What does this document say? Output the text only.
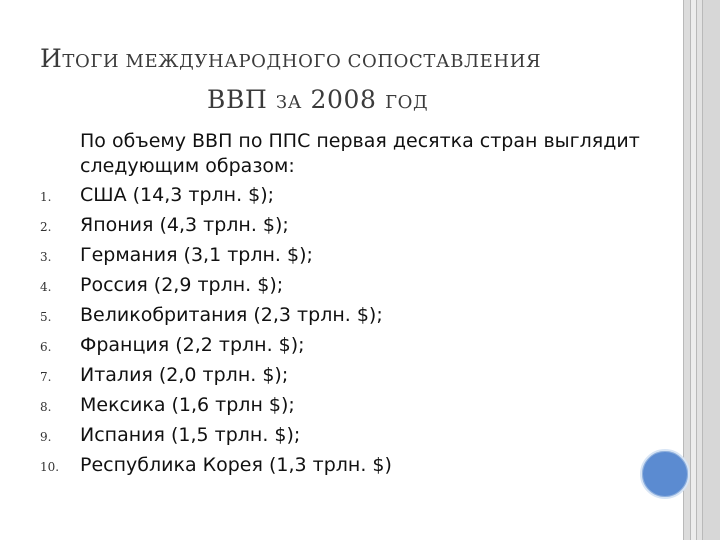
ИТОГИ МЕЖДУНАРОДНОГО СОПОСТАВЛЕНИЯ
ВВП ЗА 2008 ГОД

По объему ВВП по ППС первая десятка стран выглядит следующим образом:

1.	США (14,3 трлн. $);
2.	Япония (4,3 трлн. $);
3.	Германия (3,1 трлн. $);
4.	Россия (2,9 трлн. $);
5.	Великобритания (2,3 трлн. $);
6.	Франция (2,2 трлн. $);
7.	Италия (2,0 трлн. $);
8.	Мексика (1,6 трлн $);
9.	Испания (1,5 трлн. $);
10.	Республика Корея (1,3 трлн. $)
